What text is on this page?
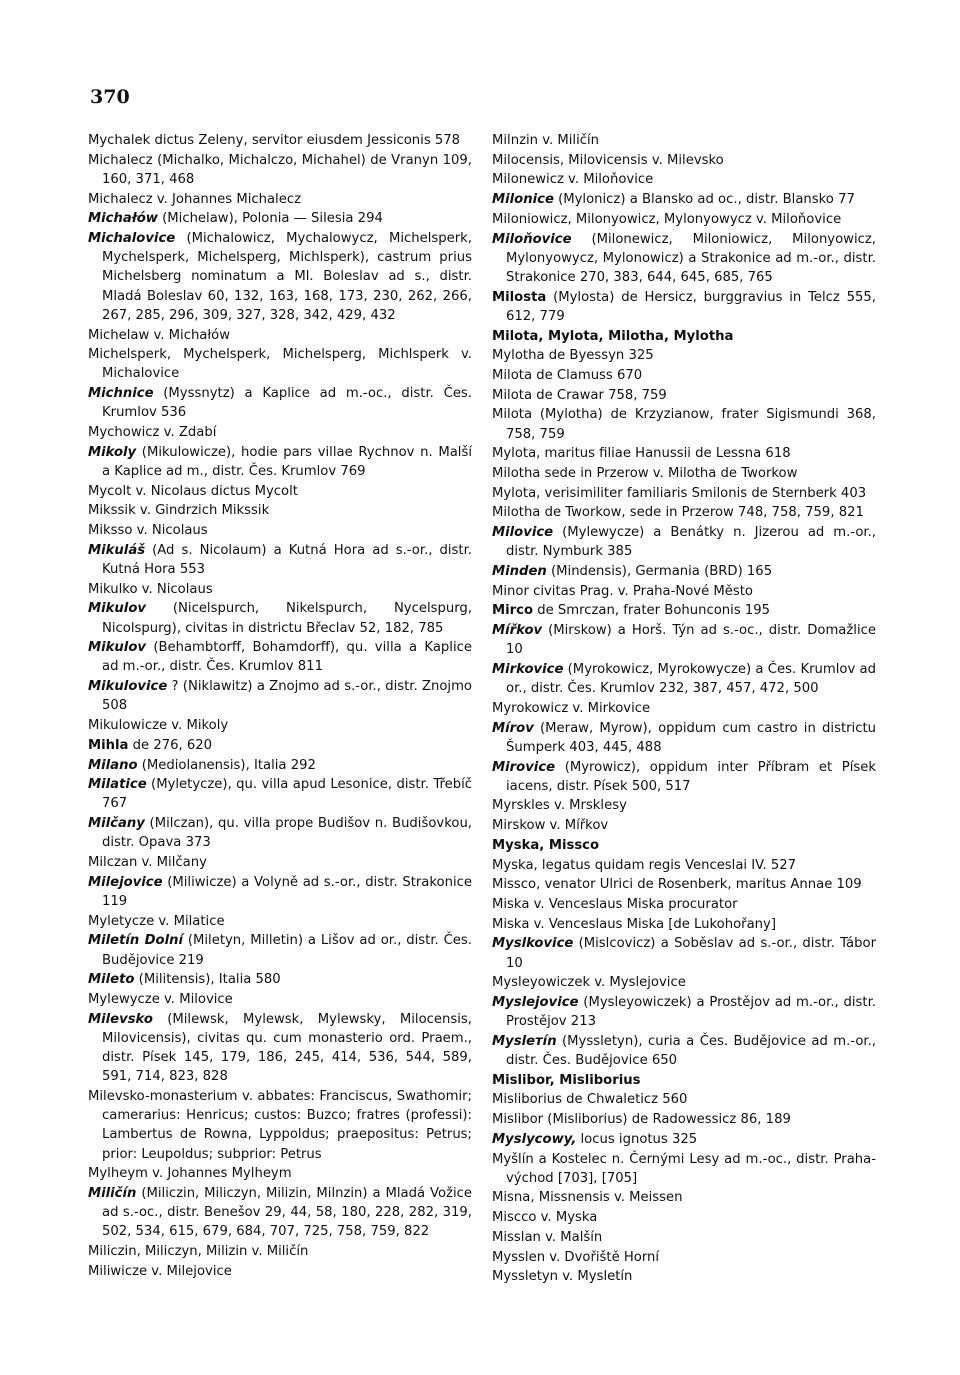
370
Mychalek dictus Zeleny, servitor eiusdem Jessiconis 578
Michalecz (Michalko, Michalczo, Michahel) de Vranyn 109, 160, 371, 468
Michalecz v. Johannes Michalecz
Michałów (Michelaw), Polonia — Silesia 294
Michalovice (Michalowicz, Mychalowycz, Michelsperk, Mychelsperk, Michelsperg, Michlsperk), castrum prius Michelsberg nominatum a Ml. Boleslav ad s., distr. Mladá Boleslav 60, 132, 163, 168, 173, 230, 262, 266, 267, 285, 296, 309, 327, 328, 342, 429, 432
Michelaw v. Michałów
Michelsperk, Mychelsperk, Michelsperg, Michlsperk v. Michalovice
Michnice (Myssnytz) a Kaplice ad m.-oc., distr. Čes. Krumlov 536
Mychowicz v. Zdabí
Mikoly (Mikulowicze), hodie pars villae Rychnov n. Malší a Kaplice ad m., distr. Čes. Krumlov 769
Mycolt v. Nicolaus dictus Mycolt
Mikssik v. Gindrzich Mikssik
Miksso v. Nicolaus
Mikuláš (Ad s. Nicolaum) a Kutná Hora ad s.-or., distr. Kutná Hora 553
Mikulko v. Nicolaus
Mikulov (Nicelspurch, Nikelspurch, Nycelspurg, Nicolspurg), civitas in districtu Břeclav 52, 182, 785
Mikulov (Behambtorff, Bohamdorff), qu. villa a Kaplice ad m.-or., distr. Čes. Krumlov 811
Mikulovice ? (Niklawitz) a Znojmo ad s.-or., distr. Znojmo 508
Mikulowicze v. Mikoly
Mihla de 276, 620
Milano (Mediolanensis), Italia 292
Milatice (Myletycze), qu. villa apud Lesonice, distr. Třebíč 767
Milčany (Milczan), qu. villa prope Budišov n. Budišovkou, distr. Opava 373
Milczan v. Milčany
Milejovice (Miliwicze) a Volyně ad s.-or., distr. Strakonice 119
Myletycze v. Milatice
Miletín Dolní (Miletyn, Milletin) a Lišov ad or., distr. Čes. Budějovice 219
Mileto (Militensis), Italia 580
Mylewycze v. Milovice
Milevsko (Milewsk, Mylewsk, Mylewsky, Milocensis, Milovicensis), civitas qu. cum monasterio ord. Praem., distr. Písek 145, 179, 186, 245, 414, 536, 544, 589, 591, 714, 823, 828
Milevsko-monasterium v. abbates: Franciscus, Swathomir; camerarius: Henricus; custos: Buzco; fratres (professi): Lambertus de Rowna, Lyppoldus; praepositus: Petrus; prior: Leupoldus; subprior: Petrus
Mylheym v. Johannes Mylheym
Miličín (Miliczin, Miliczyn, Milizin, Milnzin) a Mladá Vožice ad s.-oc., distr. Benešov 29, 44, 58, 180, 228, 282, 319, 502, 534, 615, 679, 684, 707, 725, 758, 759, 822
Miliczin, Miliczyn, Milizin v. Miličín
Miliwicze v. Milejovice
Milnzin v. Miličín
Milocensis, Milovicensis v. Milevsko
Milonewicz v. Miloňovice
Milonice (Mylonicz) a Blansko ad oc., distr. Blansko 77
Miloniowicz, Milonyowicz, Mylonyowycz v. Miloňovice
Miloňovice (Milonewicz, Miloniowicz, Milonyowicz, Mylonyowycz, Mylonowicz) a Strakonice ad m.-or., distr. Strakonice 270, 383, 644, 645, 685, 765
Milosta (Mylosta) de Hersicz, burggravius in Telcz 555, 612, 779
Milota, Mylota, Milotha, Mylotha
Mylotha de Byessyn 325
Milota de Clamuss 670
Milota de Crawar 758, 759
Milota (Mylotha) de Krzyzianow, frater Sigismundi 368, 758, 759
Mylota, maritus filiae Hanussii de Lessna 618
Milotha sede in Przerow v. Milotha de Tworkow
Mylota, verisimiliter familiaris Smilonis de Sternberk 403
Milotha de Tworkow, sede in Przerow 748, 758, 759, 821
Milovice (Mylewycze) a Benátky n. Jizerou ad m.-or., distr. Nymburk 385
Minden (Mindensis), Germania (BRD) 165
Minor civitas Prag. v. Praha-Nové Město
Mirco de Smrczan, frater Bohunconis 195
Mířkov (Mirskow) a Horš. Týn ad s.-oc., distr. Domažlice 10
Mirkovice (Myrokowicz, Myrokowycze) a Čes. Krumlov ad or., distr. Čes. Krumlov 232, 387, 457, 472, 500
Myrokowicz v. Mirkovice
Mírov (Meraw, Myrow), oppidum cum castro in districtu Šumperk 403, 445, 488
Mirovice (Myrowicz), oppidum inter Příbram et Písek iacens, distr. Písek 500, 517
Myrskles v. Mrsklesy
Mirskow v. Mířkov
Myska, Missco
Myska, legatus quidam regis Venceslai IV. 527
Missco, venator Ulrici de Rosenberk, maritus Annae 109
Miska v. Venceslaus Miska procurator
Miska v. Venceslaus Miska [de Lukohořany]
Myslkovice (Mislcovicz) a Soběslav ad s.-or., distr. Tábor 10
Mysleyowiczek v. Myslejovice
Myslejovice (Mysleyowiczek) a Prostějov ad m.-or., distr. Prostějov 213
Myslетín (Myssletyn), curia a Čes. Budějovice ad m.-or., distr. Čes. Budějovice 650
Mislibor, Misliborius
Misliborius de Chwaleticz 560
Mislibor (Misliborius) de Radowessicz 86, 189
Myslycowy, locus ignotus 325
Myšlín a Kostelec n. Černými Lesy ad m.-oc., distr. Praha-východ [703], [705]
Misna, Missnensis v. Meissen
Miscco v. Myska
Misslan v. Malšín
Mysslen v. Dvořiště Horní
Myssletyn v. Mysletín
